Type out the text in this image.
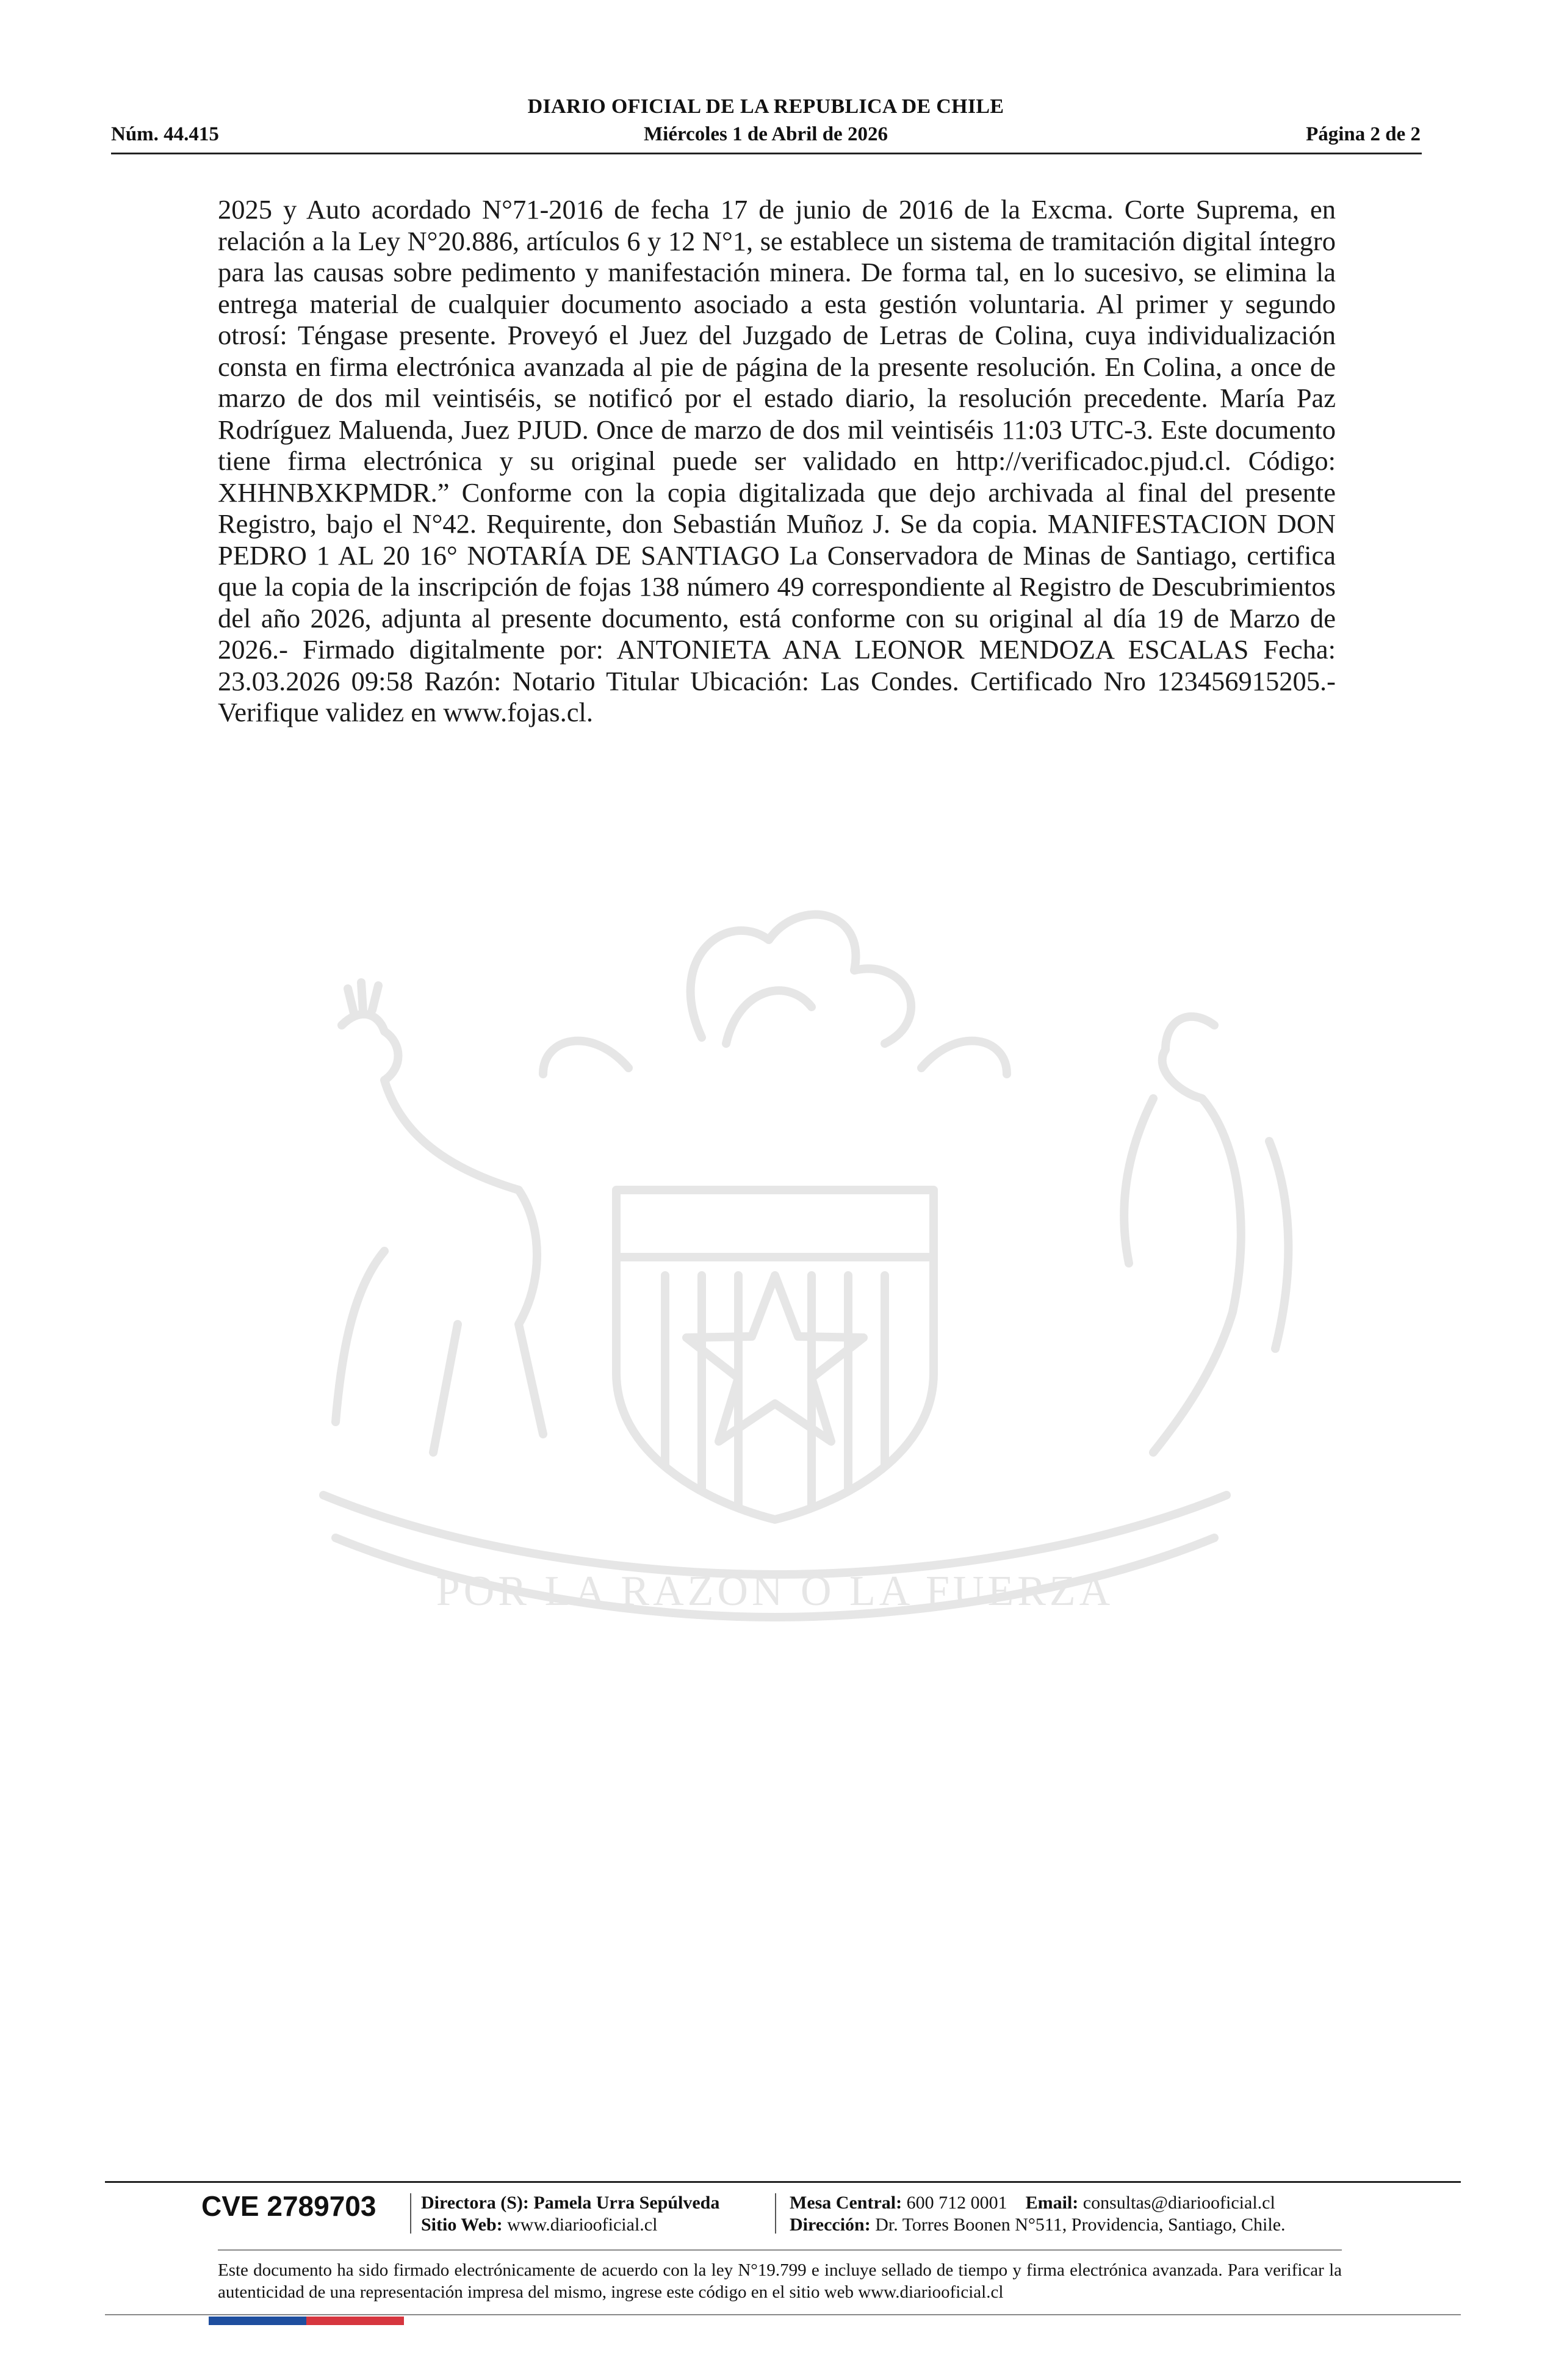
DIARIO OFICIAL DE LA REPUBLICA DE CHILE
Núm. 44.415	Miércoles 1 de Abril de 2026	Página 2 de 2
POR LA RAZON O LA FUERZA
2025 y Auto acordado N°71-2016 de fecha 17 de junio de 2016 de la Excma. Corte Suprema, en relación a la Ley N°20.886, artículos 6 y 12 N°1, se establece un sistema de tramitación digital íntegro para las causas sobre pedimento y manifestación minera. De forma tal, en lo sucesivo, se elimina la entrega material de cualquier documento asociado a esta gestión voluntaria. Al primer y segundo otrosí: Téngase presente. Proveyó el Juez del Juzgado de Letras de Colina, cuya individualización consta en firma electrónica avanzada al pie de página de la presente resolución. En Colina, a once de marzo de dos mil veintiséis, se notificó por el estado diario, la resolución precedente. María Paz Rodríguez Maluenda, Juez PJUD. Once de marzo de dos mil veintiséis 11:03 UTC-3. Este documento tiene firma electrónica y su original puede ser validado en http://verificadoc.pjud.cl. Código: XHHNBXKPMDR.” Conforme con la copia digitalizada que dejo archivada al final del presente Registro, bajo el N°42. Requirente, don Sebastián Muñoz J. Se da copia. MANIFESTACION DON PEDRO 1 AL 20 16° NOTARÍA DE SANTIAGO La Conservadora de Minas de Santiago, certifica que la copia de la inscripción de fojas 138 número 49 correspondiente al Registro de Descubrimientos del año 2026, adjunta al presente documento, está conforme con su original al día 19 de Marzo de 2026.- Firmado digitalmente por: ANTONIETA ANA LEONOR MENDOZA ESCALAS Fecha: 23.03.2026 09:58 Razón: Notario Titular Ubicación: Las Condes. Certificado Nro 123456915205.- Verifique validez en www.fojas.cl.
CVE 2789703	Directora (S): Pamela Urra Sepúlveda
Sitio Web: www.diariooficial.cl
Mesa Central: 600 712 0001 Email: consultas@diariooficial.cl
Dirección: Dr. Torres Boonen N°511, Providencia, Santiago, Chile.
Este documento ha sido firmado electrónicamente de acuerdo con la ley N°19.799 e incluye sellado de tiempo y firma electrónica avanzada. Para verificar la autenticidad de una representación impresa del mismo, ingrese este código en el sitio web www.diariooficial.cl
